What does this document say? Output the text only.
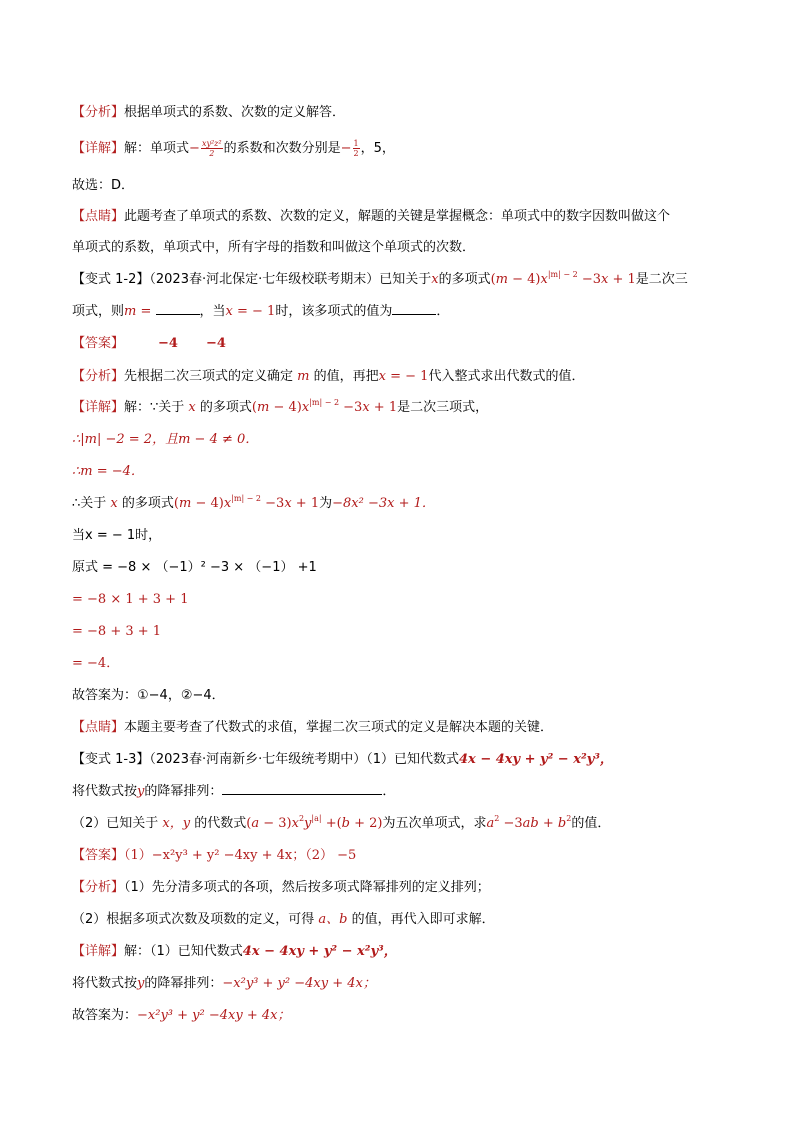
【分析】根据单项式的系数、次数的定义解答．
【详解】解：单项式− $\frac{\text{xy²z²}}{2}$ 的系数和次数分别是− $\frac{1}{2}$ ，5，
故选：D．
【点睛】此题考查了单项式的系数、次数的定义，解题的关键是掌握概念：单项式中的数字因数叫做这个
单项式的系数，单项式中，所有字母的指数和叫做这个单项式的次数．
【变式 1-2】（2023春·河北保定·七年级校联考期末）已知关于x的多项式$(m - 4)x^{|m| - 2} -3x + 1$是二次三
项式，则m =	，当x = − 1时，该多项式的值为	．
【答案】	−4 −4
【分析】先根据二次三项式的定义确定 m 的值，再把x = − 1代入整式求出代数式的值．
【详解】解：∵关于 x 的多项式$(m - 4)x^{|m| - 2} -3x + 1$是二次三项式，
∴|m| −2 = 2，且m − 4 ≠ 0．
∴m = −4．
∴关于 x 的多项式$(m - 4)x^{|m| - 2} -3x + 1$为−8x² −3x + 1．
当x = − 1时，
原式 = −8 × （−1）² −3 × （−1） +1
= −8 × 1 + 3 + 1
= −8 + 3 + 1
= −4．
故答案为：①−4，②−4．
【点睛】本题主要考查了代数式的求值，掌握二次三项式的定义是解决本题的关键．
【变式 1-3】（2023春·河南新乡·七年级统考期中）（1）已知代数式4x − 4xy + y² − x²y³，
将代数式按y的降幂排列：	．
（2）已知关于 x，y 的代数式$(a - 3)x^2y^{|a|} +(b + 2)$为五次单项式，求$a^2 -3ab + b^2$的值．
【答案】（1）−x²y³ + y² −4xy + 4x；（2） −5
【分析】（1）先分清多项式的各项，然后按多项式降幂排列的定义排列；
（2）根据多项式次数及项数的定义，可得 a、b 的值，再代入即可求解．
【详解】解：（1）已知代数式4x − 4xy + y² − x²y³，
将代数式按y的降幂排列：−x²y³ + y² −4xy + 4x；
故答案为：−x²y³ + y² −4xy + 4x；
